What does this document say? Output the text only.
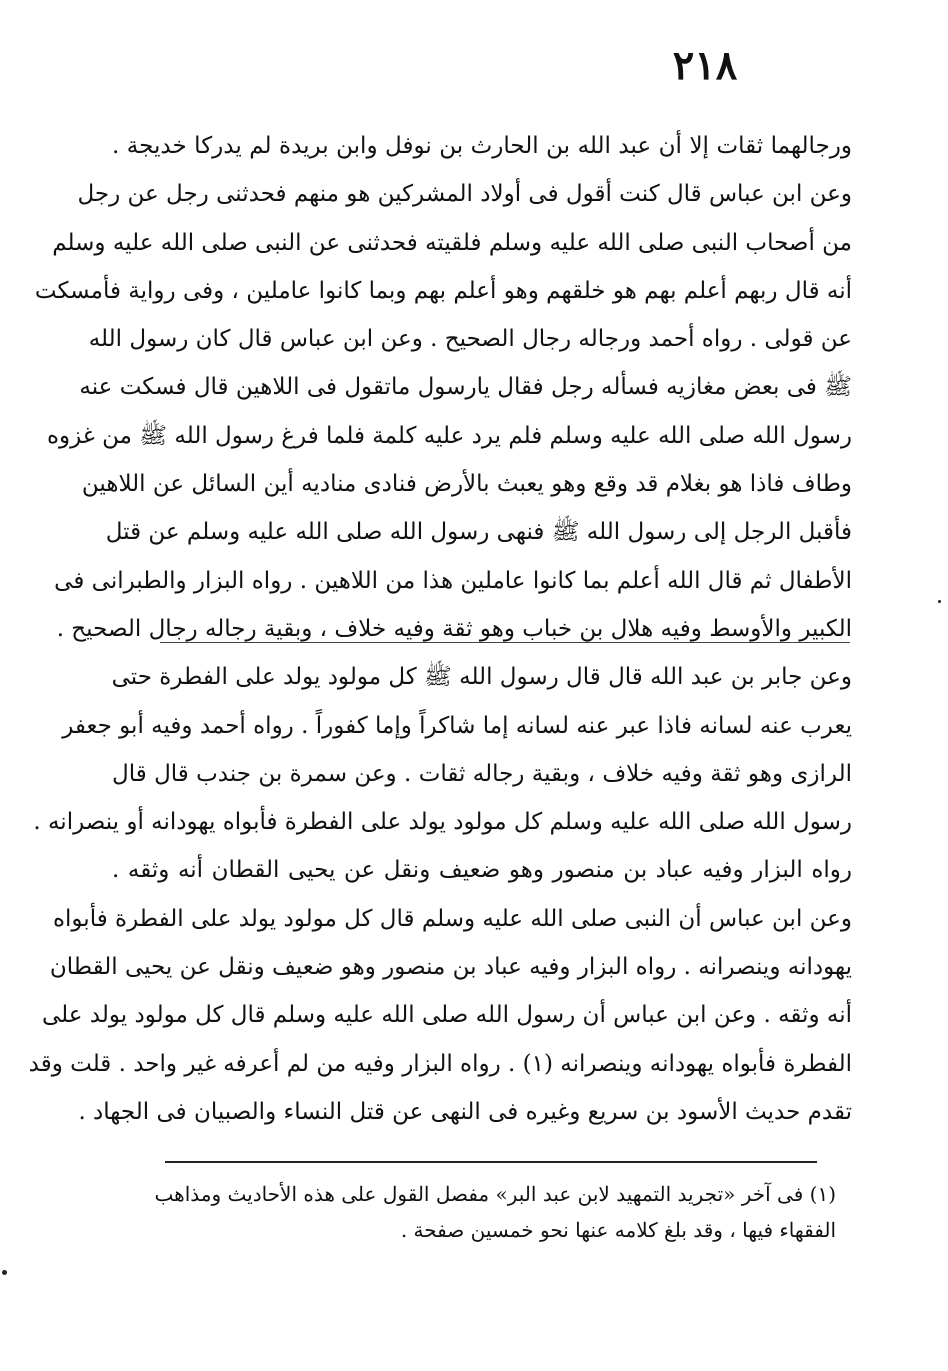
٢١٨
ورجالهما ثقات إلا أن عبد الله بن الحارث بن نوفل وابن بريدة لم يدركا خديجة .
وعن ابن عباس قال كنت أقول فى أولاد المشركين هو منهم فحدثنى رجل عن رجل
من أصحاب النبى صلى الله عليه وسلم فلقيته فحدثنى عن النبى صلى الله عليه وسلم
أنه قال ربهم أعلم بهم هو خلقهم وهو أعلم بهم وبما كانوا عاملين ، وفى رواية فأمسكت
عن قولى . رواه أحمد ورجاله رجال الصحيح . وعن ابن عباس قال كان رسول الله
ﷺ فى بعض مغازيه فسأله رجل فقال يارسول ماتقول فى اللاهين قال فسكت عنه
رسول الله صلى الله عليه وسلم فلم يرد عليه كلمة فلما فرغ رسول الله ﷺ من غزوه
وطاف فاذا هو بغلام قد وقع وهو يعبث بالأرض فنادى مناديه أين السائل عن اللاهين
فأقبل الرجل إلى رسول الله ﷺ فنهى رسول الله صلى الله عليه وسلم عن قتل
الأطفال ثم قال الله أعلم بما كانوا عاملين هذا من اللاهين . رواه البزار والطبرانى فى
الكبير والأوسط وفيه هلال بن خباب وهو ثقة وفيه خلاف ، وبقية رجاله رجال الصحيح .
وعن جابر بن عبد الله قال قال رسول الله ﷺ كل مولود يولد على الفطرة حتى
يعرب عنه لسانه فاذا عبر عنه لسانه إما شاكراً وإما كفوراً . رواه أحمد وفيه أبو جعفر
الرازى وهو ثقة وفيه خلاف ، وبقية رجاله ثقات . وعن سمرة بن جندب قال قال
رسول الله صلى الله عليه وسلم كل مولود يولد على الفطرة فأبواه يهودانه أو ينصرانه .
رواه البزار وفيه عباد بن منصور وهو ضعيف ونقل عن يحيى القطان أنه وثقه .
وعن ابن عباس أن النبى صلى الله عليه وسلم قال كل مولود يولد على الفطرة فأبواه
يهودانه وينصرانه . رواه البزار وفيه عباد بن منصور وهو ضعيف ونقل عن يحيى القطان
أنه وثقه . وعن ابن عباس أن رسول الله صلى الله عليه وسلم قال كل مولود يولد على
الفطرة فأبواه يهودانه وينصرانه (١) . رواه البزار وفيه من لم أعرفه غير واحد . قلت وقد
تقدم حديث الأسود بن سريع وغيره فى النهى عن قتل النساء والصبيان فى الجهاد .
(١) فى آخر «تجريد التمهيد لابن عبد البر» مفصل القول على هذه الأحاديث ومذاهب
الفقهاء فيها ، وقد بلغ كلامه عنها نحو خمسين صفحة .
